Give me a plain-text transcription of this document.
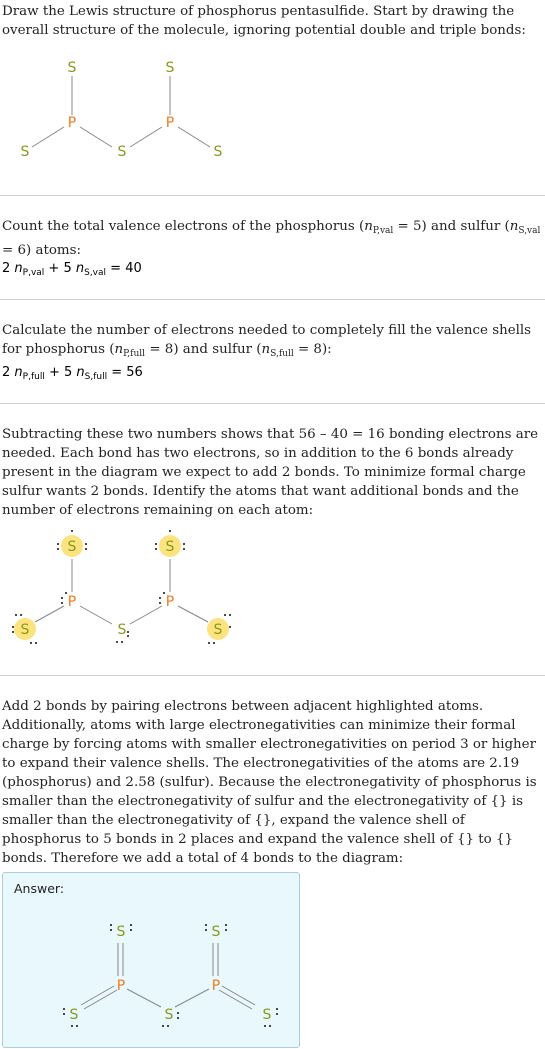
Draw the Lewis structure of phosphorus pentasulfide. Start by drawing the overall structure of the molecule, ignoring potential double and triple bonds:
S	S
P	P
S	S	S
Count the total valence electrons of the phosphorus $(n_{P,val} = 5)$ and sulfur $(n_{S,val} = 6)$ atoms:
2 $n_{P,val} + 5$ $n_{S,val} = 40$
Calculate the number of electrons needed to completely fill the valence shells for phosphorus $(n_{P,full} = 8)$ and sulfur $(n_{S,full} = 8)$:
2 $n_{P,full} + 5$ $n_{S,full} = 56$
Subtracting these two numbers shows that 56 – 40 = 16 bonding electrons are needed. Each bond has two electrons, so in addition to the 6 bonds already present in the diagram we expect to add 2 bonds. To minimize formal charge sulfur wants 2 bonds. Identify the atoms that want additional bonds and the number of electrons remaining on each atom:
S	S
P	P
S	S	S
Add 2 bonds by pairing electrons between adjacent highlighted atoms. Additionally, atoms with large electronegativities can minimize their formal charge by forcing atoms with smaller electronegativities on period 3 or higher to expand their valence shells. The electronegativities of the atoms are 2.19 (phosphorus) and 2.58 (sulfur). Because the electronegativity of phosphorus is smaller than the electronegativity of sulfur and the electronegativity of {} is smaller than the electronegativity of {}, expand the valence shell of phosphorus to 5 bonds in 2 places and expand the valence shell of {} to {} bonds. Therefore we add a total of 4 bonds to the diagram:
Answer:
S	S
P	P
S	S	S
